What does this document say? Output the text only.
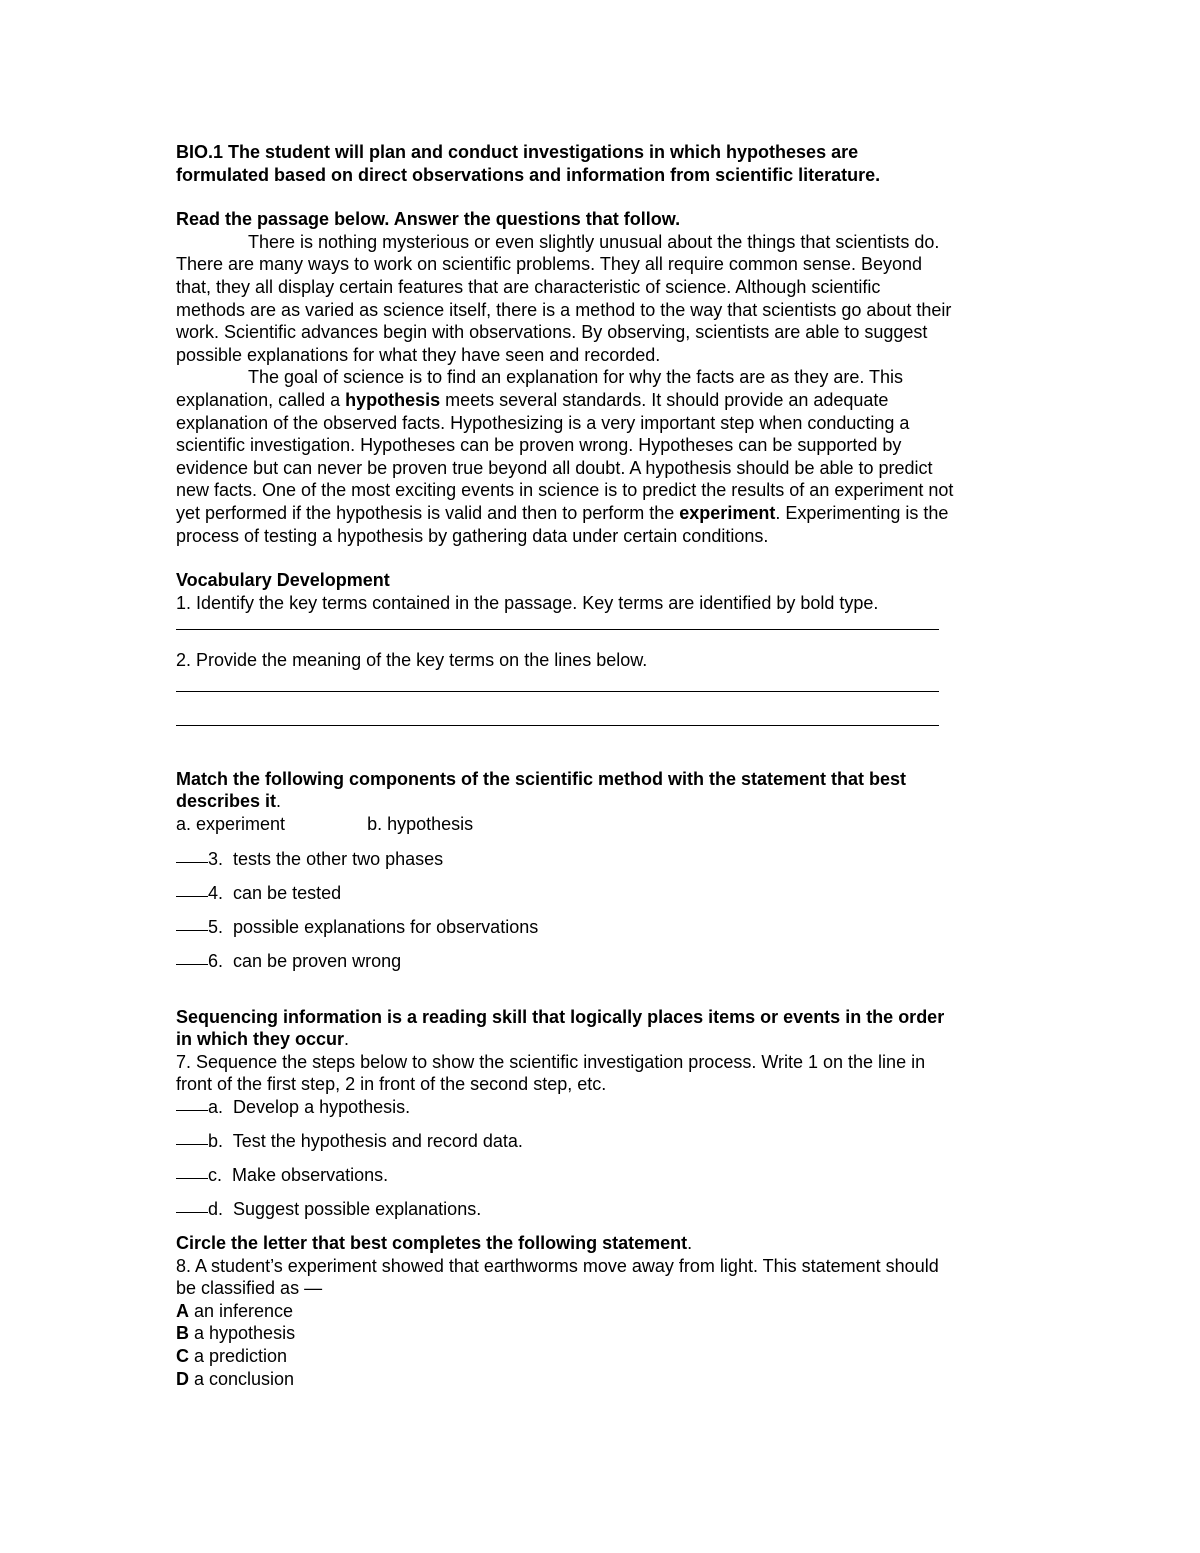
BIO.1 The student will plan and conduct investigations in which hypotheses are

formulated based on direct observations and information from scientific literature.

Read the passage below. Answer the questions that follow.

There is nothing mysterious or even slightly unusual about the things that scientists do.

There are many ways to work on scientific problems. They all require common sense. Beyond

that, they all display certain features that are characteristic of science. Although scientific

methods are as varied as science itself, there is a method to the way that scientists go about their

work. Scientific advances begin with observations. By observing, scientists are able to suggest

possible explanations for what they have seen and recorded.

The goal of science is to find an explanation for why the facts are as they are. This

explanation, called a hypothesis meets several standards. It should provide an adequate

explanation of the observed facts. Hypothesizing is a very important step when conducting a

scientific investigation. Hypotheses can be proven wrong. Hypotheses can be supported by

evidence but can never be proven true beyond all doubt. A hypothesis should be able to predict

new facts. One of the most exciting events in science is to predict the results of an experiment not

yet performed if the hypothesis is valid and then to perform the experiment. Experimenting is the

process of testing a hypothesis by gathering data under certain conditions.

Vocabulary Development

1. Identify the key terms contained in the passage. Key terms are identified by bold type.

2. Provide the meaning of the key terms on the lines below.

Match the following components of the scientific method with the statement that best

describes it.

a. experiment	b. hypothesis

3. tests the other two phases
4. can be tested
5. possible explanations for observations
6. can be proven wrong

Sequencing information is a reading skill that logically places items or events in the order

in which they occur.

7. Sequence the steps below to show the scientific investigation process. Write 1 on the line in

front of the first step, 2 in front of the second step, etc.

a. Develop a hypothesis.
b. Test the hypothesis and record data.
c. Make observations.
d. Suggest possible explanations.

Circle the letter that best completes the following statement.

8. A student’s experiment showed that earthworms move away from light. This statement should

be classified as —

A an inference

B a hypothesis

C a prediction

D a conclusion
